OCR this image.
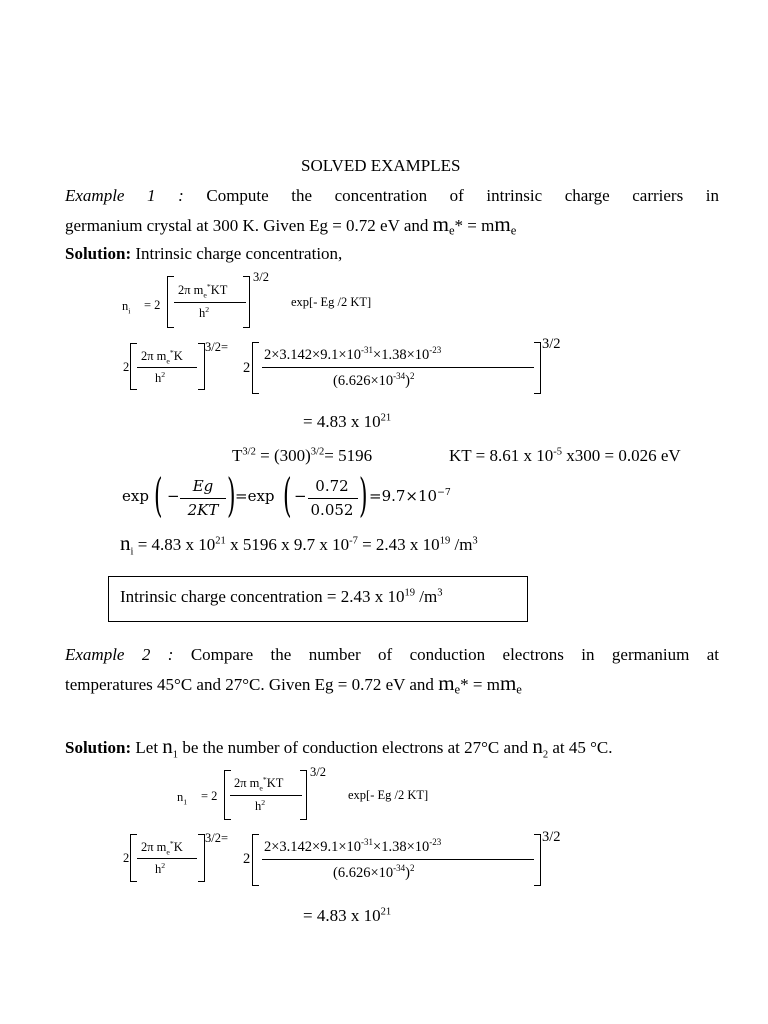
SOLVED EXAMPLES
Example 1 : Compute the concentration of intrinsic charge carriers in
germanium crystal at 300 K. Given Eg = 0.72 eV and me* = mme
Solution: Intrinsic charge concentration,
$n_i = 2$
2π $m_e^*KT$
$h^2$
3/2
exp[- Eg /2 KT]
2
2π $m_e^*K$
$h^2$
3/2=
2
$2\times 3.142\times 9.1\times 10^{-31}\times 1.38\times 10^{-23}$
$(6.626\times 10^{-34})^2$
3/2
= 4.83 x $10^{21}$
$T^{3/2} = (300)^{3/2}= 5196$	KT = 8.61 x $10^{-5}$ x300 = 0.026 eV
exp ( −
Eg
2KT ) =exp ( −
0.72
0.052 ) $=9.7\times 10^{-7}$
$n_i = 4.83$ x $10^{21}$ x 5196 x 9.7 x $10^{-7} = 2.43$ x $10^{19}$ $/m^3$
Intrinsic charge concentration = 2.43 x $10^{19}$ $/m^3$
Example 2 : Compare the number of conduction electrons in germanium at
temperatures 45°C and 27°C. Given Eg = 0.72 eV and me* = mme
Solution: Let $n_1$ be the number of conduction electrons at 27°C and $n_2$ at 45 °C.
$n_1 = 2$
2π $m_e^*KT$
$h^2$
3/2
exp[- Eg /2 KT]
2
2π $m_e^*K$
$h^2$
3/2=
2
$2\times 3.142\times 9.1\times 10^{-31}\times 1.38\times 10^{-23}$
$(6.626\times 10^{-34})^2$
3/2
= 4.83 x $10^{21}$
